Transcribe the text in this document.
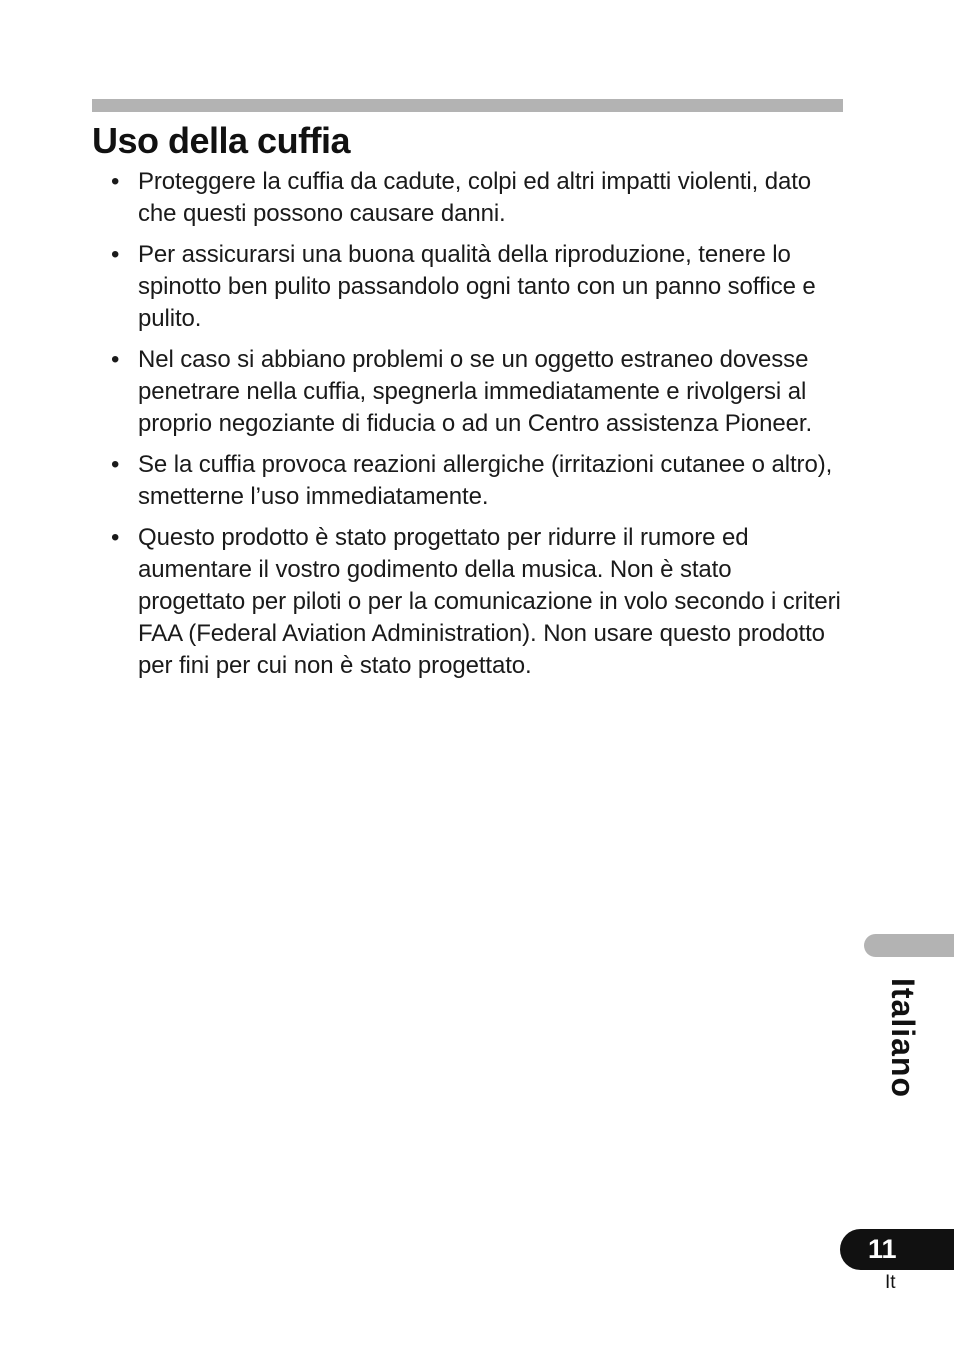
Uso della cuffia
• Proteggere la cuffia da cadute, colpi ed altri impatti violenti, dato che questi possono causare danni.
• Per assicurarsi una buona qualità della riproduzione, tenere lo spinotto ben pulito passandolo ogni tanto con un panno soffice e pulito.
• Nel caso si abbiano problemi o se un oggetto estraneo dovesse penetrare nella cuffia, spegnerla immediatamente e rivolgersi al proprio negoziante di fiducia o ad un Centro assistenza Pioneer.
• Se la cuffia provoca reazioni allergiche (irritazioni cutanee o altro), smetterne l’uso immediatamente.
• Questo prodotto è stato progettato per ridurre il rumore ed aumentare il vostro godimento della musica. Non è stato progettato per piloti o per la comunicazione in volo secondo i criteri FAA (Federal Aviation Administration). Non usare questo prodotto per fini per cui non è stato progettato.
Italiano
11
It
